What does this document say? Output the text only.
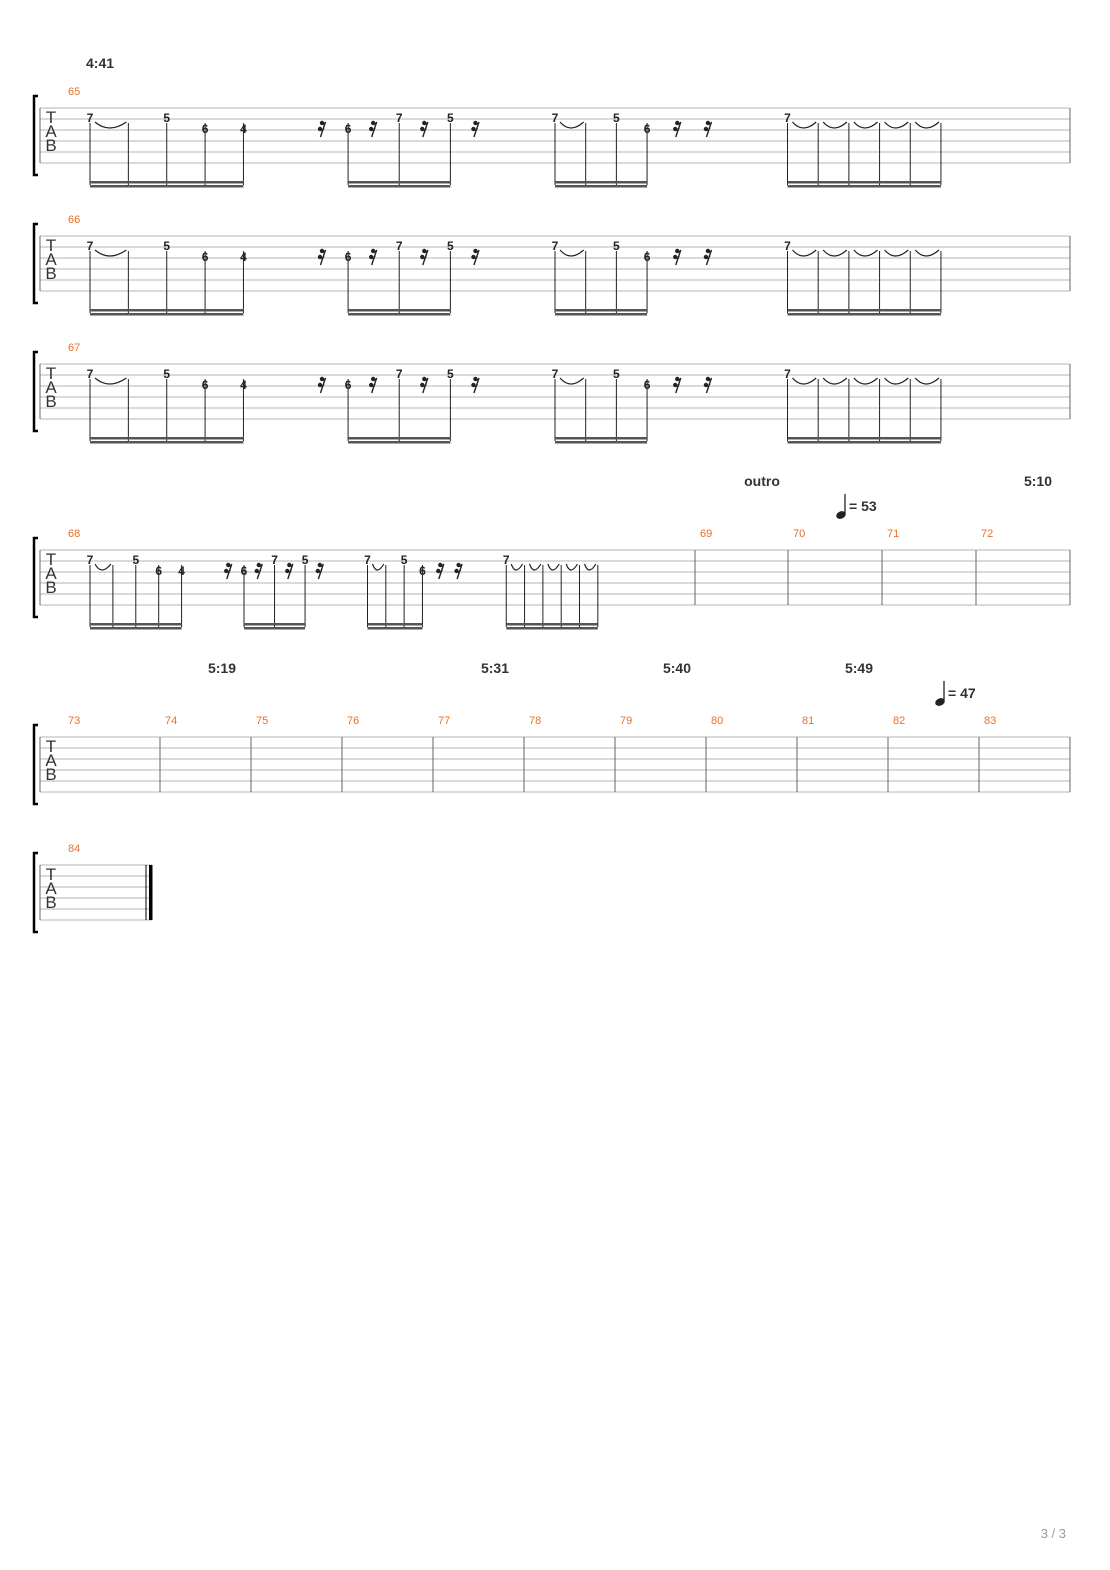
4:41
T
A
B
65
7	5
6	4	6
7	5	7	5
6
7
T
A
B
66
7	5
6	4	6
7	5	7	5
6
7
T
A
B
67
7	5
6	4	6
7	5	7	5
6
7
outro
= 53
5:10
T
A
B
68
7	5
6 4	6
7 5	7 5
6
7
69	70	71	72
5:19	5:31	5:40	5:49
= 47
T
A
B
73	74	75	76	77	78	79	80	81	82	83
T
A
B
84
3 / 3
